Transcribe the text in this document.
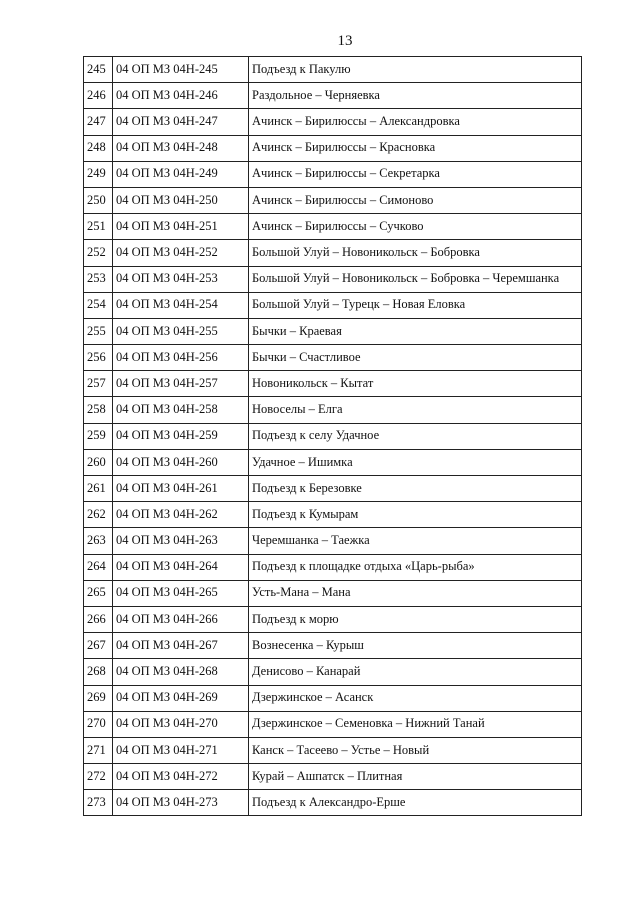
13
245	04 ОП МЗ 04Н-245	Подъезд к Пакулю
246	04 ОП МЗ 04Н-246	Раздольное – Черняевка
247	04 ОП МЗ 04Н-247	Ачинск – Бирилюссы – Александровка
248	04 ОП МЗ 04Н-248	Ачинск – Бирилюссы – Красновка
249	04 ОП МЗ 04Н-249	Ачинск – Бирилюссы – Секретарка
250	04 ОП МЗ 04Н-250	Ачинск – Бирилюссы – Симоново
251	04 ОП МЗ 04Н-251	Ачинск – Бирилюссы – Сучково
252	04 ОП МЗ 04Н-252	Большой Улуй – Новоникольск – Бобровка
253	04 ОП МЗ 04Н-253	Большой Улуй – Новоникольск – Бобровка – Черемшанка
254	04 ОП МЗ 04Н-254	Большой Улуй – Турецк – Новая Еловка
255	04 ОП МЗ 04Н-255	Бычки – Краевая
256	04 ОП МЗ 04Н-256	Бычки – Счастливое
257	04 ОП МЗ 04Н-257	Новоникольск – Кытат
258	04 ОП МЗ 04Н-258	Новоселы – Елга
259	04 ОП МЗ 04Н-259	Подъезд к селу Удачное
260	04 ОП МЗ 04Н-260	Удачное – Ишимка
261	04 ОП МЗ 04Н-261	Подъезд к Березовке
262	04 ОП МЗ 04Н-262	Подъезд к Кумырам
263	04 ОП МЗ 04Н-263	Черемшанка – Таежка
264	04 ОП МЗ 04Н-264	Подъезд к площадке отдыха «Царь-рыба»
265	04 ОП МЗ 04Н-265	Усть-Мана – Мана
266	04 ОП МЗ 04Н-266	Подъезд к морю
267	04 ОП МЗ 04Н-267	Вознесенка – Курыш
268	04 ОП МЗ 04Н-268	Денисово – Канарай
269	04 ОП МЗ 04Н-269	Дзержинское – Асанск
270	04 ОП МЗ 04Н-270	Дзержинское – Семеновка – Нижний Танай
271	04 ОП МЗ 04Н-271	Канск – Тасеево – Устье – Новый
272	04 ОП МЗ 04Н-272	Курай – Ашпатск – Плитная
273	04 ОП МЗ 04Н-273	Подъезд к Александро-Ерше
